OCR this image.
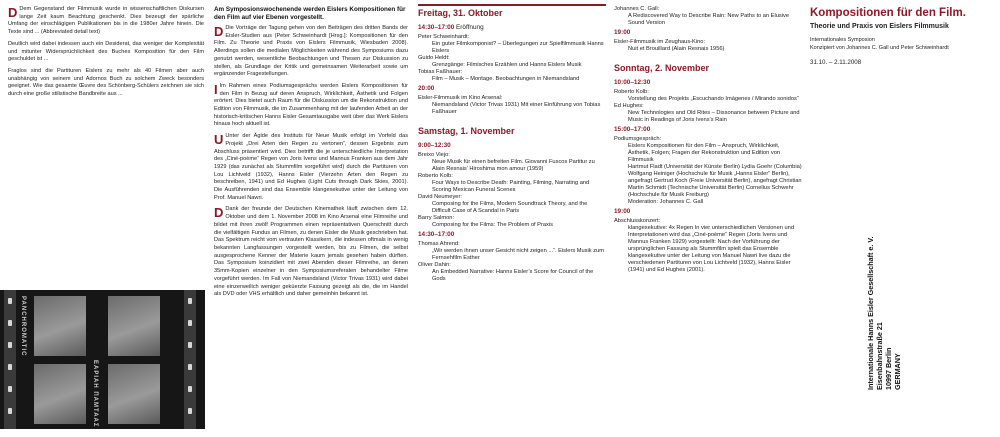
D Dem Gegenstand der Filmmusik wurde in wissenschaftlichen Diskursen lange Zeit kaum Beachtung geschenkt. Dies bezeugt der spärliche Umfang der einschlägigen Publikationen bis in die 1980er Jahre hinein. Die Texte sind ... (Abbreviated detail text)

Deutlich wird dabei indessen auch ein Desiderat, das weniger der Komplexität und mitunter Widersprüchlichkeit des Buches Komposition für den Film geschuldet ist ...

Fraglos sind die Partituren Eislers zu mehr als 40 Filmen aber auch unabhängig von seinem und Adornos Buch zu solchem Zweck besonders geeignet. Wie das gesamte Œuvre des Schönberg-Schülers zeichnen sie sich durch eine große stilistische Bandbreite aus ...

PANCHROMATIC
ΕΑΡΙΑΗ ΠΑΜΤΑΑΣ
Am Symposionswochenende werden Eislers Kompositionen für den Film auf vier Ebenen vorgestellt.

D Die Vorträge der Tagung gehen von den Beiträgen des dritten Bands der Eisler-Studien aus (Peter Schweinhardt [Hrsg.]: Kompositionen für den Film. Zu Theorie und Praxis von Eislers Filmmusik, Wiesbaden 2008). Allerdings sollen die medialen Möglichkeiten während des Symposiums dazu genutzt werden, wesentliche Beobachtungen und Thesen zur Diskussion zu stellen, als Grundlage der Kritik und gemeinsamen Weiterarbeit sowie um ergänzender Fragestellungen.

I Im Rahmen eines Podiumsgesprächs werden Eislers Kompositionen für den Film in Bezug auf deren Anspruch, Wirklichkeit, Ästhetik und Folgen erörtert. Dies bietet auch Raum für die Diskussion um die Rekonstruktion und Edition von Filmmusik, die im Zusammenhang mit der laufenden Arbeit an der historisch-kritischen Hanns Eisler Gesamtausgabe weit über das Werk Eislers hinaus hoch aktuell ist.

U Unter der Ägide des Instituts für Neue Musik erfolgt im Vorfeld das Projekt „Drei Arten den Regen zu vertonen“, dessen Ergebnis zum Abschluss präsentiert wird. Dies betrifft die je unterschiedliche Interpretation des „Ciné-poème“ Regen von Joris Ivens und Mannus Franken aus dem Jahr 1929 (das zunächst als Stummfilm vorgeführt wird) durch die Partituren von Lou Lichtveld (1932), Hanns Eisler (Vierzehn Arten den Regen zu beschreiben, 1941) und Ed Hughes (Light Cuts through Dark Skies, 2001). Die Ausführenden sind das Ensemble klangexekutive unter der Leitung von Prof. Manuel Nawri.

D Dank der freunde der Deutschen Kinemathek läuft zwischen dem 12. Oktober und dem 1. November 2008 im Kino Arsenal eine Filmreihe und bildet mit ihren zwölf Programmen einen repräsentativen Querschnitt durch die vielfältigen Fundus an Filmen, zu denen Eisler die Musik geschrieben hat. Das Spektrum reicht vom vertrauten Klassikern, die indessen oftmals in wenig bekannten Langfassungen vorgestellt werden, bis zu Filmen, die selbst ausgesprochene Kenner der Materie kaum jemals gesehen haben dürften. Das Symposium koinzidiert mit zwei Abenden dieser Filmreihe, an denen 35mm-Kopien einzelner in den Symposiumsreferaten behandelter Filme vorgeführt werden. Im Fall von Niemandsland (Victor Trivas 1931) wird dabei eine einzerweilich weniger geküerzte Fassung gezeigt als die, die im Handel als DVD oder VHS erhältlich und daher gemeinhin bekannt ist.

Freitag, 31. Oktober
14:30–17:00 Eröffnung
Peter Schweinhardt:
Ein guter Filmkomponist? – Überlegungen zur Spielfilmmusik Hanns Eislers
Guido Heldt:
Grenzgänge: Filmisches Erzählen und Hanns Eislers Musik
Tobias Faßhauer:
Film – Musik – Montage. Beobachtungen in Niemandsland
20:00
Eisler-Filmmusik im Kino Arsenal:
Niemandsland (Victor Trivas 1931) Mit einer Einführung von Tobias Faßhauer
Samstag, 1. November
9:00–12:30
Breixo Viejo:
Neue Musik für einen befreiten Film. Giovanni Fuscos Partitur zu Alain Resnais’ Hiroshima mon amour (1959)
Roberto Kolb:
Four Ways to Describe Death: Painting, Filming, Narrating and Scoring Mexican Funeral Scenes
David Neumeyer:
Composing for the Films, Modern Soundtrack Theory, and the Difficult Case of A Scandal in Paris
Barry Salmon:
Composing for the Films: The Problem of Praxis
14:30–17:00
Thomas Ahrend:
„Wir werden ihnen unser Gesicht nicht zeigen ...“. Eislers Musik zum Fernsehfilm Esther
Oliver Dahin:
An Embedded Narrative: Hanns Eisler’s Score for Council of the Gods
Johannes C. Gall:
A Rediscovered Way to Describe Rain: New Paths to an Elusive Sound Version
19:00
Eisler-Filmmusik im Zeughaus-Kino:
Nuit et Brouillard (Alain Resnais 1956)
Sonntag, 2. November
10:00–12:30
Roberto Kolb:
Vorstellung des Projekts „Escuchando Imágenes / Mirando sonidos“
Ed Hughes:
New Technologies and Old Rites – Dissonance between Picture and Music in Readings of Joris Ivens’s Rain
15:00–17:00
Podiumsgespräch:
Eislers Kompositionen für den Film – Anspruch, Wirklichkeit, Ästhetik, Folgen; Fragen der Rekonstruktion und Edition von Filmmusik
Hartmut Fladt (Universität der Künste Berlin) Lydia Goehr (Columbia) Wolfgang Heiniger (Hochschule für Musik „Hanns Eisler“ Berlin), angefragt Gertrud Koch (Freie Universität Berlin), angefragt Christian Martin Schmidt (Technische Universität Berlin) Cornelius Schwehr (Hochschule für Musik Freiburg)
Moderation: Johannes C. Gall
19:00
Abschlusskonzert:
klangexekutive: 4x Regen In vier unterschiedlichen Versionen und Interpretationen wird das „Ciné-poème“ Regen (Joris Ivens und Mannus Franken 1929) vorgestellt: Nach der Vorführung der ursprünglichen Fassung als Stummfilm spielt das Ensemble klangexekutive unter der Leitung von Manuel Nawri live dazu die verschiedenen Partituren von Lou Lichtveld (1932), Hanns Eisler (1941) und Ed Hughes (2001).
Kompositionen für den Film.
Theorie und Praxis von Eislers Filmmusik
Internationales Symposion
Konzipiert von Johannes C. Gall und Peter Schweinhardt
31.10. – 2.11.2008
Internationale Hanns Eisler Gesellschaft e. V. Eisenbahnstraße 21 10997 Berlin GERMANY
